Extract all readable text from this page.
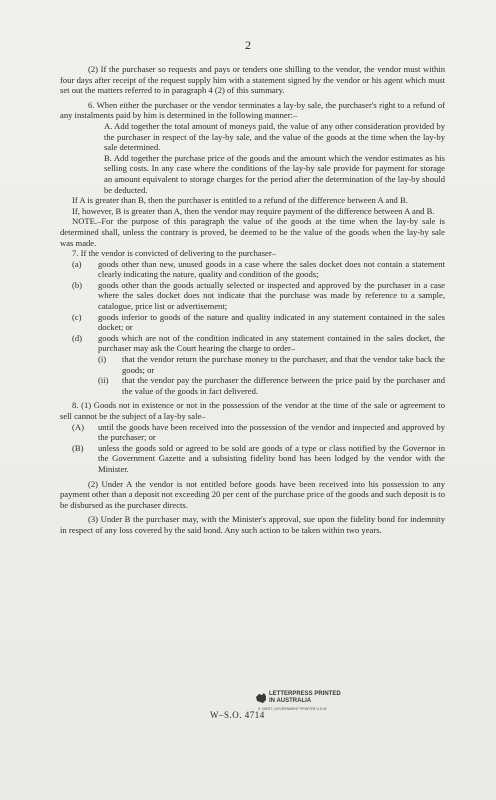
2

(2) If the purchaser so requests and pays or tenders one shilling to the vendor, the vendor must within four days after receipt of the request supply him with a statement signed by the vendor or his agent which must set out the matters referred to in paragraph 4 (2) of this summary.

6. When either the purchaser or the vendor terminates a lay-by sale, the purchaser's right to a refund of any instalments paid by him is determined in the following manner:–

A. Add together the total amount of moneys paid, the value of any other consideration provided by the purchaser in respect of the lay-by sale, and the value of the goods at the time when the lay-by sale determined.

B. Add together the purchase price of the goods and the amount which the vendor estimates as his selling costs. In any case where the conditions of the lay-by sale provide for payment for storage an amount equivalent to storage charges for the period after the determination of the lay-by should be deducted.

If A is greater than B, then the purchaser is entitled to a refund of the difference between A and B.

If, however, B is greater than A, then the vendor may require payment of the difference between A and B.

NOTE.–For the purpose of this paragraph the value of the goods at the time when the lay-by sale is determined shall, unless the contrary is proved, be deemed to be the value of the goods when the lay-by sale was made.

7. If the vendor is convicted of delivering to the purchaser–

(a)	goods other than new, unused goods in a case where the sales docket does not contain a statement clearly indicating the nature, quality and condition of the goods;
(b)	goods other than the goods actually selected or inspected and approved by the purchaser in a case where the sales docket does not indicate that the purchase was made by reference to a sample, catalogue, price list or advertisement;
(c)	goods inferior to goods of the nature and quality indicated in any statement contained in the sales docket; or
(d)	goods which are not of the condition indicated in any statement contained in the sales docket, the purchaser may ask the Court hearing the charge to order–
(i)	that the vendor return the purchase money to the purchaser, and that the vendor take back the goods; or
(ii)	that the vendor pay the purchaser the difference between the price paid by the purchaser and the value of the goods in fact delivered.

8. (1) Goods not in existence or not in the possession of the vendor at the time of the sale or agreement to sell cannot be the subject of a lay-by sale–

(A)	until the goods have been received into the possession of the vendor and inspected and approved by the purchaser; or
(B)	unless the goods sold or agreed to be sold are goods of a type or class notified by the Governor in the Government Gazette and a subsisting fidelity bond has been lodged by the vendor with the Minister.

(2) Under A the vendor is not entitled before goods have been received into his possession to any payment other than a deposit not exceeding 20 per cent of the purchase price of the goods and such deposit is to be disbursed as the purchaser directs.

(3) Under B the purchaser may, with the Minister's approval, sue upon the fidelity bond for indemnity in respect of any loss covered by the said bond. Any such action to be taken within two years.

W–S.O. 4714
LETTERPRESS PRINTED
IN AUSTRALIA
S. WEST, GOVERNMENT PRINTER N.S.W.
